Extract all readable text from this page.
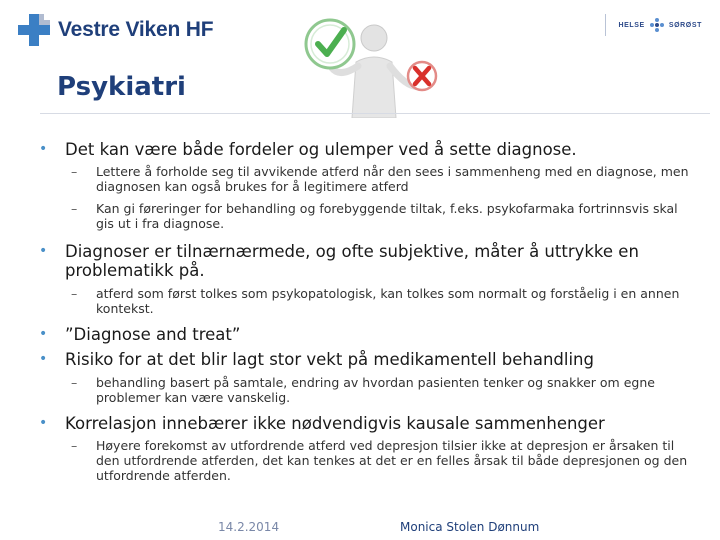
Vestre Viken HF	HELSE	SØRØST
Psykiatri
• Det kan være både fordeler og ulemper ved å sette diagnose.
– Lettere å forholde seg til avvikende atferd når den sees i sammenheng med en diagnose, men diagnosen kan også brukes for å legitimere atferd
– Kan gi føreringer for behandling og forebyggende tiltak, f.eks. psykofarmaka fortrinnsvis skal gis ut i fra diagnose.
• Diagnoser er tilnærnærmede, og ofte subjektive, måter å uttrykke en problematikk på.
– atferd som først tolkes som psykopatologisk, kan tolkes som normalt og forståelig i en annen kontekst.
• ”Diagnose and treat”
• Risiko for at det blir lagt stor vekt på medikamentell behandling
– behandling basert på samtale, endring av hvordan pasienten tenker og snakker om egne problemer kan være vanskelig.
• Korrelasjon innebærer ikke nødvendigvis kausale sammenhenger
– Høyere forekomst av utfordrende atferd ved depresjon tilsier ikke at depresjon er årsaken til den utfordrende atferden, det kan tenkes at det er en felles årsak til både depresjonen og den utfordrende atferden.
14.2.2014	Monica Stolen Dønnum
